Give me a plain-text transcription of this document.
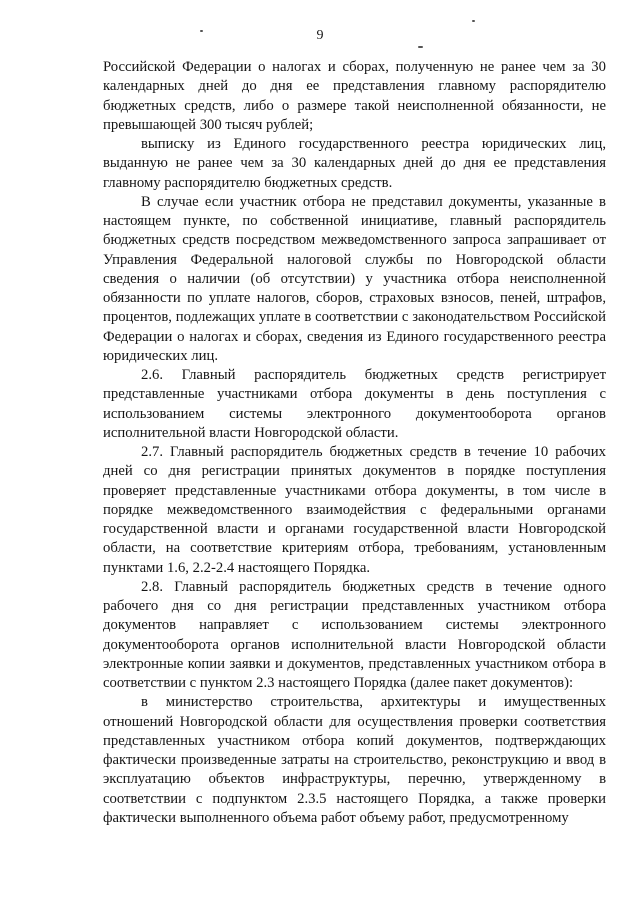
9

Российской Федерации о налогах и сборах, полученную не ранее чем за 30 календарных дней до дня ее представления главному распорядителю бюджетных средств, либо о размере такой неисполненной обязанности, не превышающей 300 тысяч рублей;

выписку из Единого государственного реестра юридических лиц, выданную не ранее чем за 30 календарных дней до дня ее представления главному распорядителю бюджетных средств.

В случае если участник отбора не представил документы, указанные в настоящем пункте, по собственной инициативе, главный распорядитель бюджетных средств посредством межведомственного запроса запрашивает от Управления Федеральной налоговой службы по Новгородской области сведения о наличии (об отсутствии) у участника отбора неисполненной обязанности по уплате налогов, сборов, страховых взносов, пеней, штрафов, процентов, подлежащих уплате в соответствии с законодательством Российской Федерации о налогах и сборах, сведения из Единого государственного реестра юридических лиц.

2.6. Главный распорядитель бюджетных средств регистрирует представленные участниками отбора документы в день поступления с использованием системы электронного документооборота органов исполнительной власти Новгородской области.

2.7. Главный распорядитель бюджетных средств в течение 10 рабочих дней со дня регистрации принятых документов в порядке поступления проверяет представленные участниками отбора документы, в том числе в порядке межведомственного взаимодействия с федеральными органами государственной власти и органами государственной власти Новгородской области, на соответствие критериям отбора, требованиям, установленным пунктами 1.6, 2.2-2.4 настоящего Порядка.

2.8. Главный распорядитель бюджетных средств в течение одного рабочего дня со дня регистрации представленных участником отбора документов направляет с использованием системы электронного документооборота органов исполнительной власти Новгородской области электронные копии заявки и документов, представленных участником отбора в соответствии с пунктом 2.3 настоящего Порядка (далее пакет документов):

в министерство строительства, архитектуры и имущественных отношений Новгородской области для осуществления проверки соответствия представленных участником отбора копий документов, подтверждающих фактически произведенные затраты на строительство, реконструкцию и ввод в эксплуатацию объектов инфраструктуры, перечню, утвержденному в соответствии с подпунктом 2.3.5 настоящего Порядка, а также проверки фактически выполненного объема работ объему работ, предусмотренному
